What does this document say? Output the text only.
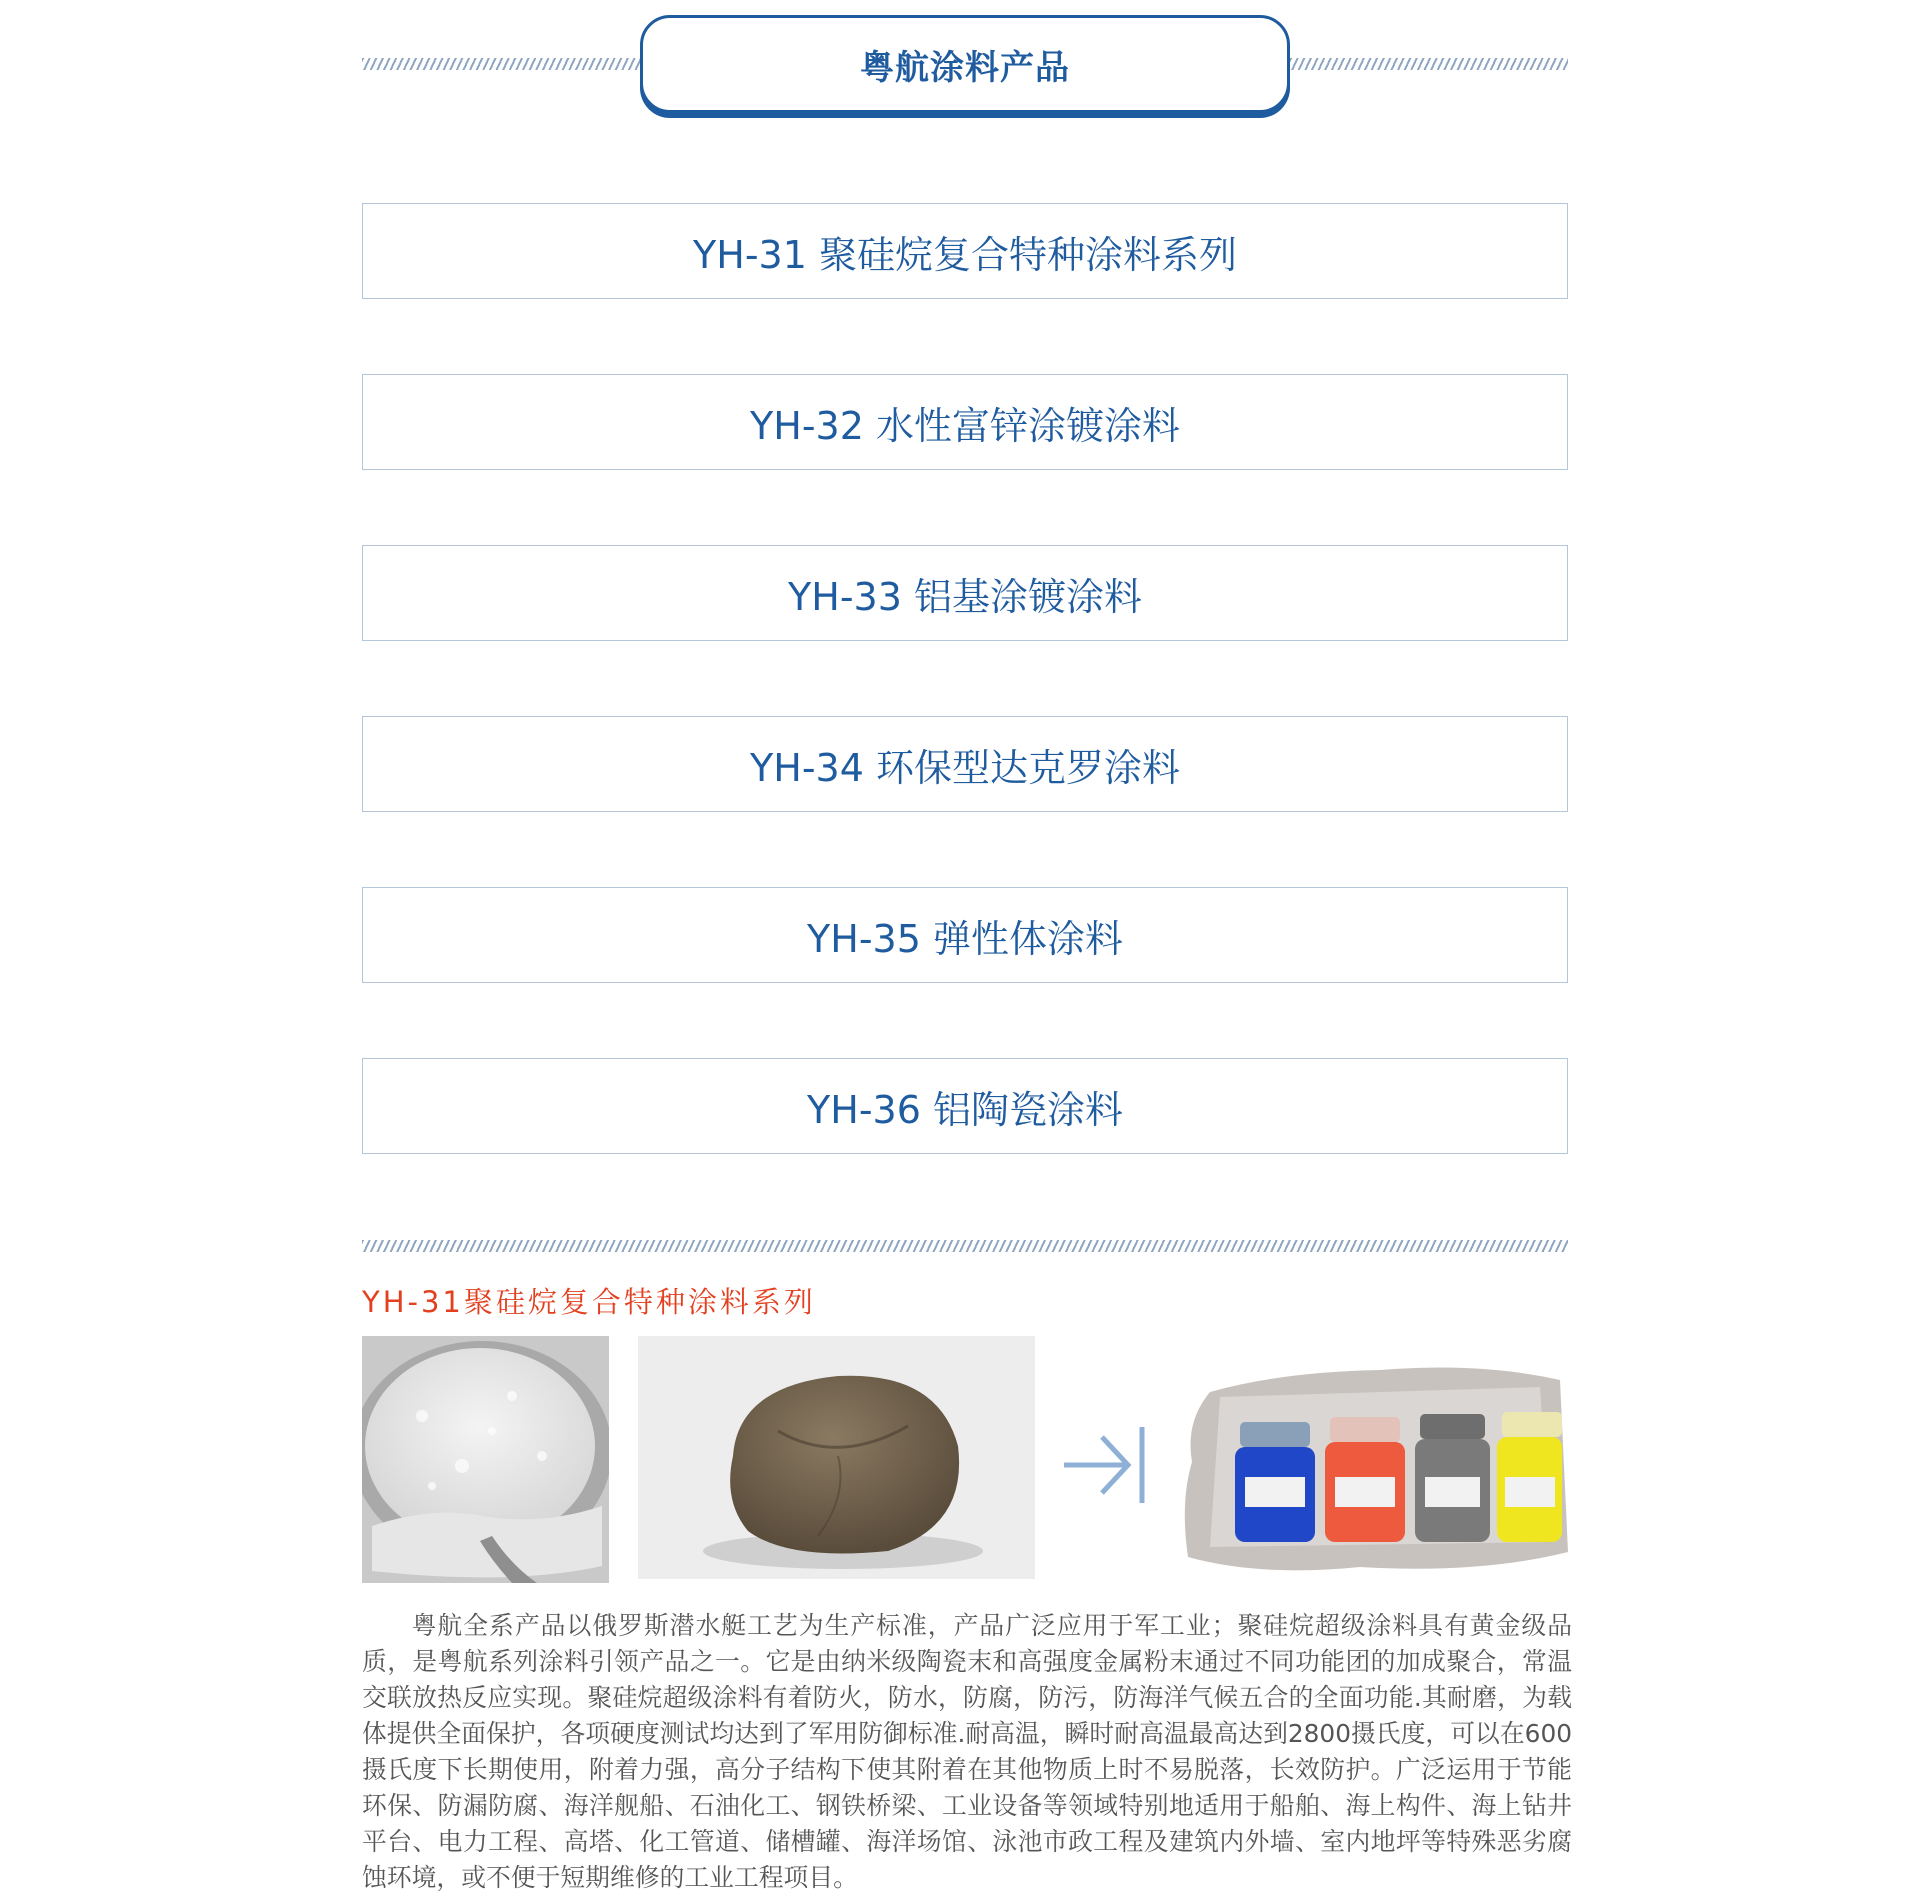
粤航涂料产品
YH-31 聚硅烷复合特种涂料系列
YH-32 水性富锌涂镀涂料
YH-33 铝基涂镀涂料
YH-34 环保型达克罗涂料
YH-35 弹性体涂料
YH-36 铝陶瓷涂料
YH-31聚硅烷复合特种涂料系列

粤航全系产品以俄罗斯潜水艇工艺为生产标准，产品广泛应用于军工业；聚硅烷超级涂料具有黄金级品质，是粤航系列涂料引领产品之一。它是由纳米级陶瓷末和高强度金属粉末通过不同功能团的加成聚合，常温交联放热反应实现。聚硅烷超级涂料有着防火，防水，防腐，防污，防海洋气候五合的全面功能.其耐磨，为载体提供全面保护，各项硬度测试均达到了军用防御标准.耐高温，瞬时耐高温最高达到2800摄氏度，可以在600摄氏度下长期使用，附着力强，高分子结构下使其附着在其他物质上时不易脱落，长效防护。广泛运用于节能环保、防漏防腐、海洋舰船、石油化工、钢铁桥梁、工业设备等领域特别地适用于船舶、海上构件、海上钻井平台、电力工程、高塔、化工管道、储槽罐、海洋场馆、泳池市政工程及建筑内外墙、室内地坪等特殊恶劣腐蚀环境，或不便于短期维修的工业工程项目。
